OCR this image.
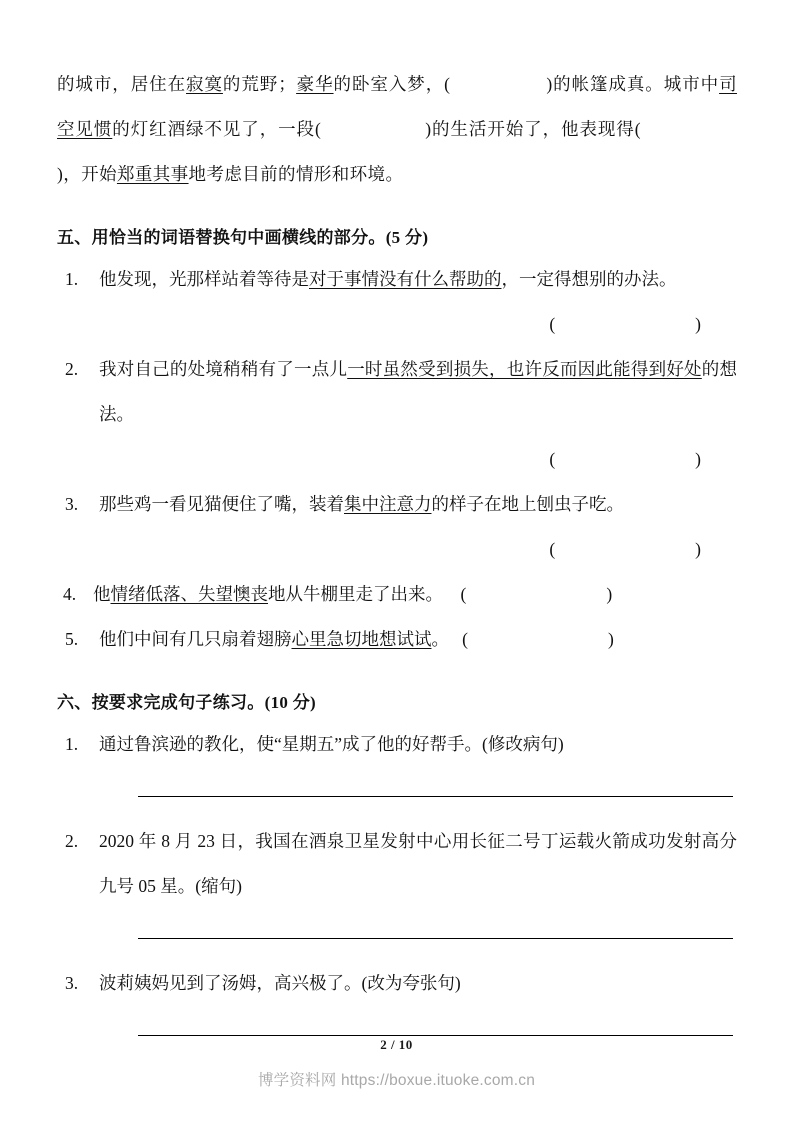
的城市，居住在寂寞的荒野；豪华的卧室入梦，(	)的帐篷成真。城市中司空见惯的灯红酒绿不见了，一段(	)的生活开始了，他表现得()，开始郑重其事地考虑目前的情形和环境。
五、用恰当的词语替换句中画横线的部分。(5 分)
1.	他发现，光那样站着等待是对于事情没有什么帮助的，一定得想别的办法。
(	)
2.	我对自己的处境稍稍有了一点儿一时虽然受到损失，也许反而因此能得到好处的想法。
(	)
3.	那些鸡一看见猫便住了嘴，装着集中注意力的样子在地上刨虫子吃。
(	)
4. 他情绪低落、失望懊丧地从牛棚里走了出来。 (	)
5.	他们中间有几只扇着翅膀心里急切地想试试。 (	)
六、按要求完成句子练习。(10 分)
1.	通过鲁滨逊的教化，使“星期五”成了他的好帮手。(修改病句)
2.	2020 年 8 月 23 日，我国在酒泉卫星发射中心用长征二号丁运载火箭成功发射高分九号 05 星。(缩句)
3.	波莉姨妈见到了汤姆，高兴极了。(改为夸张句)
2 / 10
博学资料网 https://boxue.ituoke.com.cn
